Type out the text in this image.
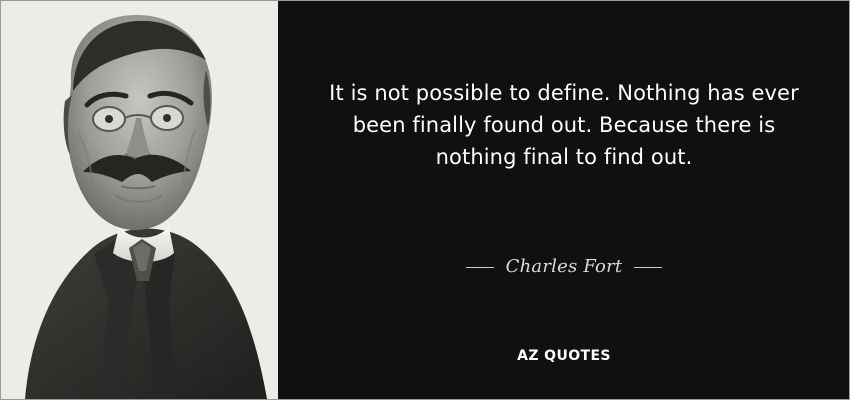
It is not possible to define. Nothing has ever been finally found out. Because there is nothing final to find out.
Charles Fort
AZ QUOTES
